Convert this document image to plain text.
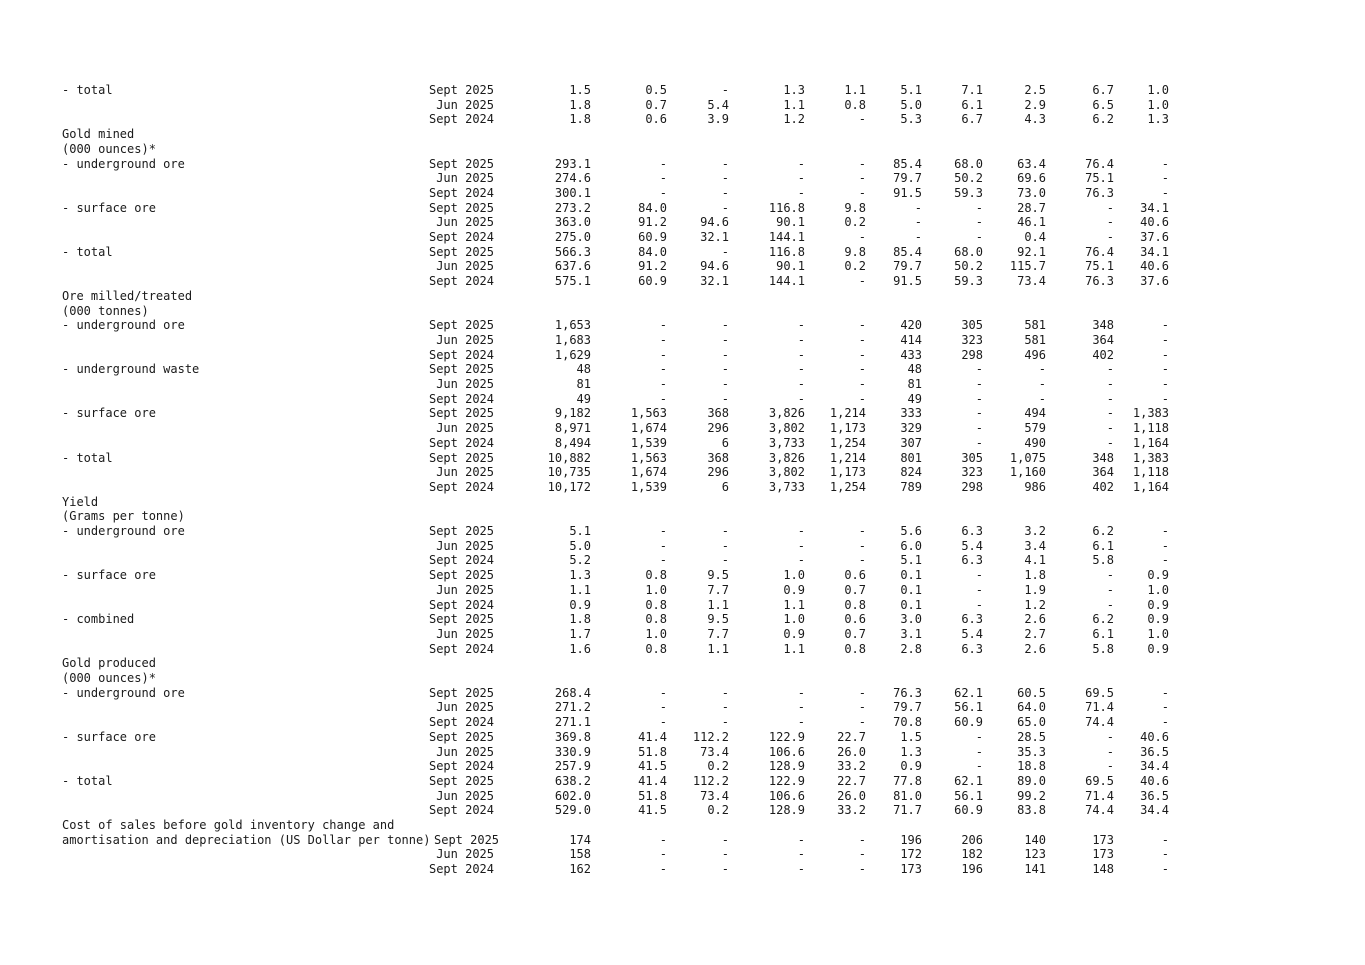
- total	Sept 2025	1.5	0.5	-	1.3	1.1	5.1	7.1	2.5	6.7	1.0
Jun 2025	1.8	0.7	5.4	1.1	0.8	5.0	6.1	2.9	6.5	1.0
Sept 2024	1.8	0.6	3.9	1.2	-	5.3	6.7	4.3	6.2	1.3
Gold mined
(000 ounces)*
- underground ore	Sept 2025	293.1	-	-	-	-	85.4	68.0	63.4	76.4	-
Jun 2025	274.6	-	-	-	-	79.7	50.2	69.6	75.1	-
Sept 2024	300.1	-	-	-	-	91.5	59.3	73.0	76.3	-
- surface ore	Sept 2025	273.2	84.0	-	116.8	9.8	-	-	28.7	-	34.1
Jun 2025	363.0	91.2	94.6	90.1	0.2	-	-	46.1	-	40.6
Sept 2024	275.0	60.9	32.1	144.1	-	-	-	0.4	-	37.6
- total	Sept 2025	566.3	84.0	-	116.8	9.8	85.4	68.0	92.1	76.4	34.1
Jun 2025	637.6	91.2	94.6	90.1	0.2	79.7	50.2	115.7	75.1	40.6
Sept 2024	575.1	60.9	32.1	144.1	-	91.5	59.3	73.4	76.3	37.6
Ore milled/treated
(000 tonnes)
- underground ore	Sept 2025	1,653	-	-	-	-	420	305	581	348	-
Jun 2025	1,683	-	-	-	-	414	323	581	364	-
Sept 2024	1,629	-	-	-	-	433	298	496	402	-
- underground waste	Sept 2025	48	-	-	-	-	48	-	-	-	-
Jun 2025	81	-	-	-	-	81	-	-	-	-
Sept 2024	49	-	-	-	-	49	-	-	-	-
- surface ore	Sept 2025	9,182	1,563	368	3,826	1,214	333	-	494	-	1,383
Jun 2025	8,971	1,674	296	3,802	1,173	329	-	579	-	1,118
Sept 2024	8,494	1,539	6	3,733	1,254	307	-	490	-	1,164
- total	Sept 2025	10,882	1,563	368	3,826	1,214	801	305	1,075	348	1,383
Jun 2025	10,735	1,674	296	3,802	1,173	824	323	1,160	364	1,118
Sept 2024	10,172	1,539	6	3,733	1,254	789	298	986	402	1,164
Yield
(Grams per tonne)
- underground ore	Sept 2025	5.1	-	-	-	-	5.6	6.3	3.2	6.2	-
Jun 2025	5.0	-	-	-	-	6.0	5.4	3.4	6.1	-
Sept 2024	5.2	-	-	-	-	5.1	6.3	4.1	5.8	-
- surface ore	Sept 2025	1.3	0.8	9.5	1.0	0.6	0.1	-	1.8	-	0.9
Jun 2025	1.1	1.0	7.7	0.9	0.7	0.1	-	1.9	-	1.0
Sept 2024	0.9	0.8	1.1	1.1	0.8	0.1	-	1.2	-	0.9
- combined	Sept 2025	1.8	0.8	9.5	1.0	0.6	3.0	6.3	2.6	6.2	0.9
Jun 2025	1.7	1.0	7.7	0.9	0.7	3.1	5.4	2.7	6.1	1.0
Sept 2024	1.6	0.8	1.1	1.1	0.8	2.8	6.3	2.6	5.8	0.9
Gold produced
(000 ounces)*
- underground ore	Sept 2025	268.4	-	-	-	-	76.3	62.1	60.5	69.5	-
Jun 2025	271.2	-	-	-	-	79.7	56.1	64.0	71.4	-
Sept 2024	271.1	-	-	-	-	70.8	60.9	65.0	74.4	-
- surface ore	Sept 2025	369.8	41.4	112.2	122.9	22.7	1.5	-	28.5	-	40.6
Jun 2025	330.9	51.8	73.4	106.6	26.0	1.3	-	35.3	-	36.5
Sept 2024	257.9	41.5	0.2	128.9	33.2	0.9	-	18.8	-	34.4
- total	Sept 2025	638.2	41.4	112.2	122.9	22.7	77.8	62.1	89.0	69.5	40.6
Jun 2025	602.0	51.8	73.4	106.6	26.0	81.0	56.1	99.2	71.4	36.5
Sept 2024	529.0	41.5	0.2	128.9	33.2	71.7	60.9	83.8	74.4	34.4
Cost of sales before gold inventory change and
amortisation and depreciation (US Dollar per tonne) Sept 2025	174	-	-	-	-	196	206	140	173	-
Jun 2025	158	-	-	-	-	172	182	123	173	-
Sept 2024	162	-	-	-	-	173	196	141	148	-
